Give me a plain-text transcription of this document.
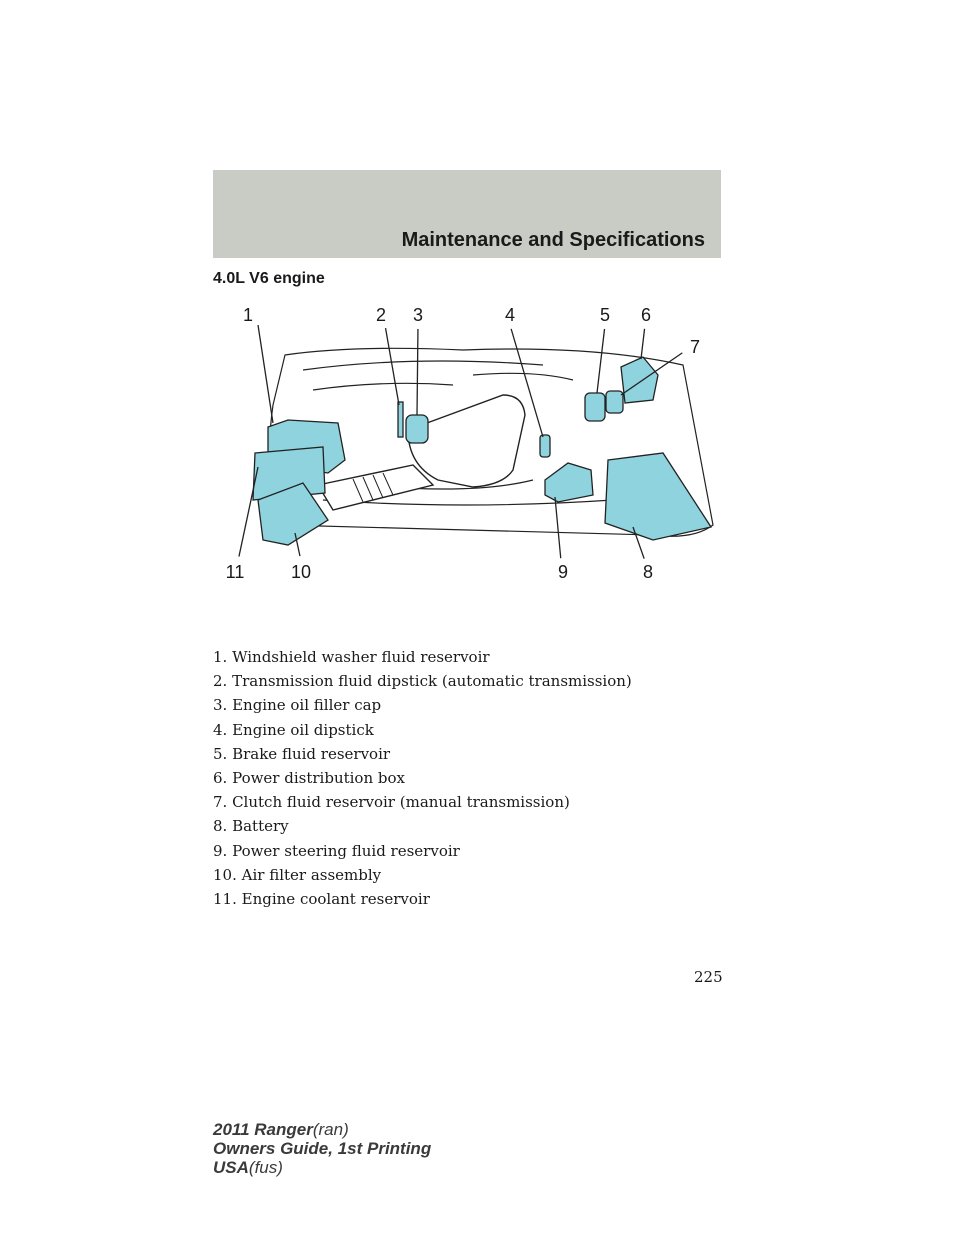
Maintenance and Specifications
4.0L V6 engine
1	2 3	4	5 6
7
8
9
10
11
1. Windshield washer fluid reservoir
2. Transmission fluid dipstick (automatic transmission)
3. Engine oil filler cap
4. Engine oil dipstick
5. Brake fluid reservoir
6. Power distribution box
7. Clutch fluid reservoir (manual transmission)
8. Battery
9. Power steering fluid reservoir
10. Air filter assembly
11. Engine coolant reservoir
225
2011 Ranger(ran)
Owners Guide, 1st Printing
USA(fus)
